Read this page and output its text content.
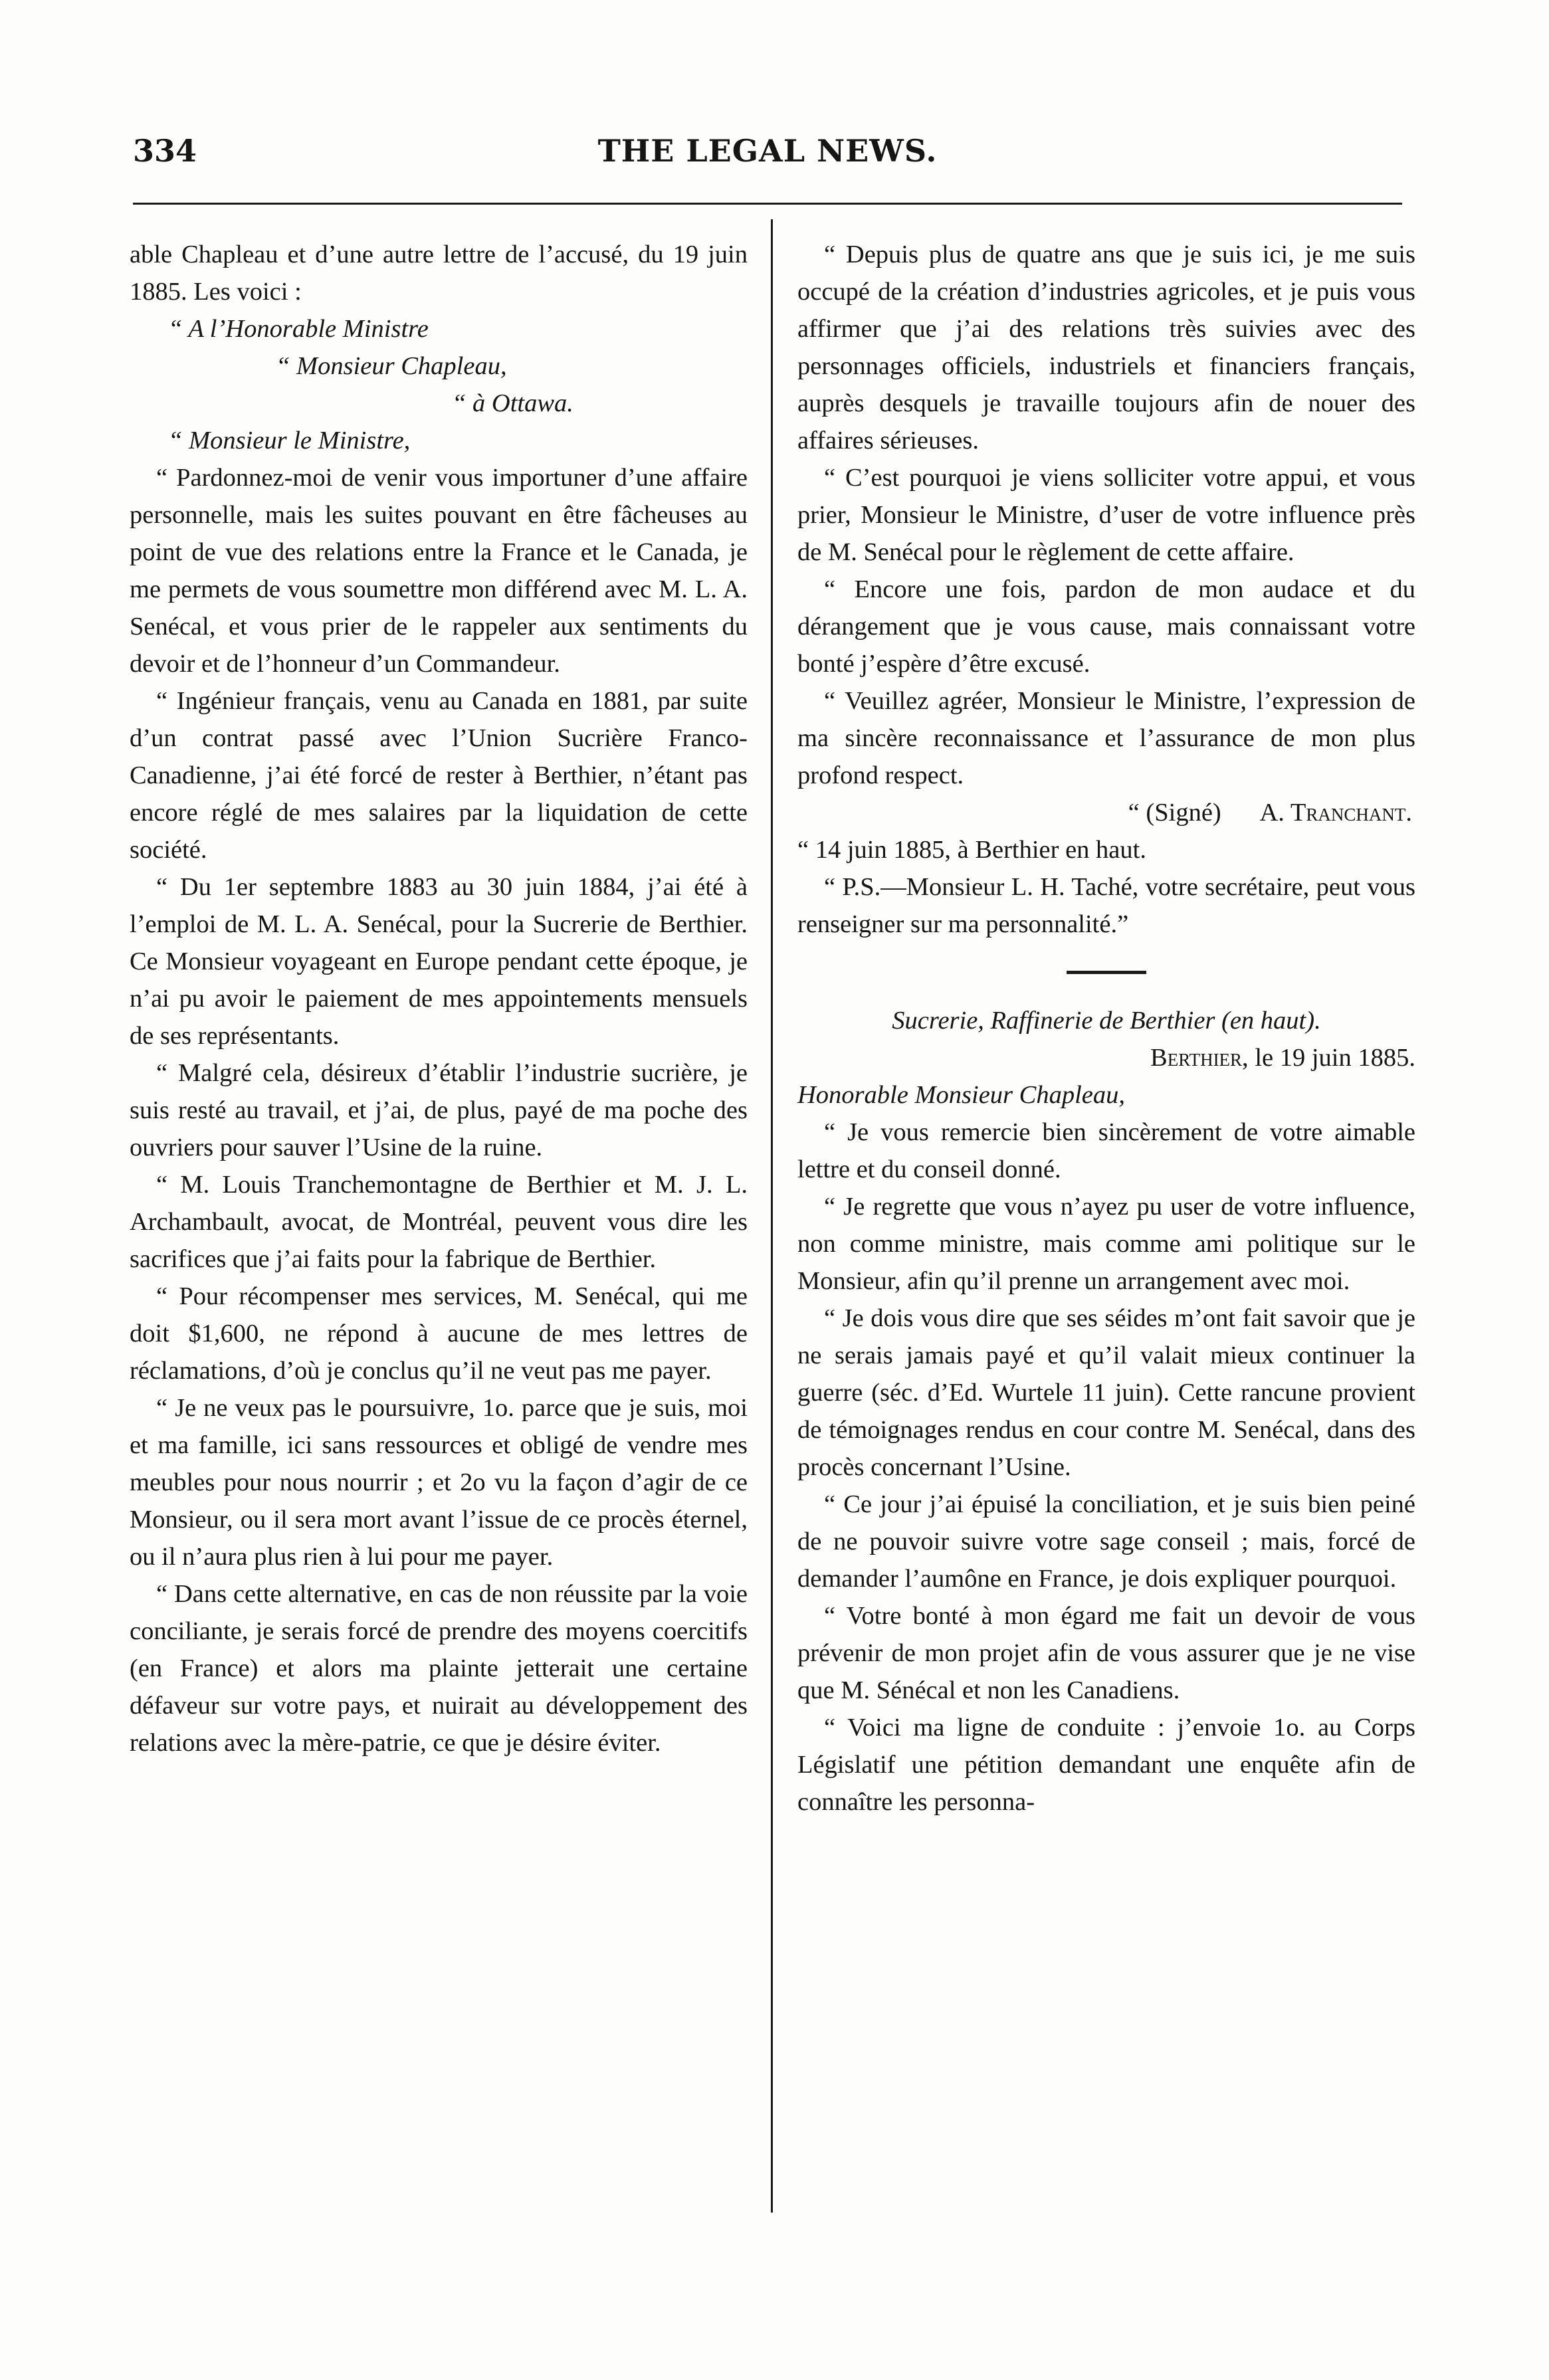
334	THE LEGAL NEWS.

able Chapleau et d’une autre lettre de l’accusé, du 19 juin 1885. Les voici :

“ A l’Honorable Ministre

“ Monsieur Chapleau,

“ à Ottawa.

“ Monsieur le Ministre,

“ Pardonnez-moi de venir vous importuner d’une affaire personnelle, mais les suites pouvant en être fâcheuses au point de vue des relations entre la France et le Canada, je me permets de vous soumettre mon différend avec M. L. A. Senécal, et vous prier de le rappeler aux sentiments du devoir et de l’honneur d’un Commandeur.

“ Ingénieur français, venu au Canada en 1881, par suite d’un contrat passé avec l’Union Sucrière Franco-Canadienne, j’ai été forcé de rester à Berthier, n’étant pas encore réglé de mes salaires par la liquidation de cette société.

“ Du 1er septembre 1883 au 30 juin 1884, j’ai été à l’emploi de M. L. A. Senécal, pour la Sucrerie de Berthier. Ce Monsieur voyageant en Europe pendant cette époque, je n’ai pu avoir le paiement de mes appointements mensuels de ses représentants.

“ Malgré cela, désireux d’établir l’industrie sucrière, je suis resté au travail, et j’ai, de plus, payé de ma poche des ouvriers pour sauver l’Usine de la ruine.

“ M. Louis Tranchemontagne de Berthier et M. J. L. Archambault, avocat, de Montréal, peuvent vous dire les sacrifices que j’ai faits pour la fabrique de Berthier.

“ Pour récompenser mes services, M. Senécal, qui me doit $1,600, ne répond à aucune de mes lettres de réclamations, d’où je conclus qu’il ne veut pas me payer.

“ Je ne veux pas le poursuivre, 1o. parce que je suis, moi et ma famille, ici sans ressources et obligé de vendre mes meubles pour nous nourrir ; et 2o vu la façon d’agir de ce Monsieur, ou il sera mort avant l’issue de ce procès éternel, ou il n’aura plus rien à lui pour me payer.

“ Dans cette alternative, en cas de non réussite par la voie conciliante, je serais forcé de prendre des moyens coercitifs (en France) et alors ma plainte jetterait une certaine défaveur sur votre pays, et nuirait au développement des relations avec la mère-patrie, ce que je désire éviter.

“ Depuis plus de quatre ans que je suis ici, je me suis occupé de la création d’industries agricoles, et je puis vous affirmer que j’ai des relations très suivies avec des personnages officiels, industriels et financiers français, auprès desquels je travaille toujours afin de nouer des affaires sérieuses.

“ C’est pourquoi je viens solliciter votre appui, et vous prier, Monsieur le Ministre, d’user de votre influence près de M. Senécal pour le règlement de cette affaire.

“ Encore une fois, pardon de mon audace et du dérangement que je vous cause, mais connaissant votre bonté j’espère d’être excusé.

“ Veuillez agréer, Monsieur le Ministre, l’expression de ma sincère reconnaissance et l’assurance de mon plus profond respect.

“ (Signé) A. Tranchant.

“ 14 juin 1885, à Berthier en haut.

“ P.S.—Monsieur L. H. Taché, votre secrétaire, peut vous renseigner sur ma personnalité.”

Sucrerie, Raffinerie de Berthier (en haut).

Berthier, le 19 juin 1885.

Honorable Monsieur Chapleau,

“ Je vous remercie bien sincèrement de votre aimable lettre et du conseil donné.

“ Je regrette que vous n’ayez pu user de votre influence, non comme ministre, mais comme ami politique sur le Monsieur, afin qu’il prenne un arrangement avec moi.

“ Je dois vous dire que ses séides m’ont fait savoir que je ne serais jamais payé et qu’il valait mieux continuer la guerre (séc. d’Ed. Wurtele 11 juin). Cette rancune provient de témoignages rendus en cour contre M. Senécal, dans des procès concernant l’Usine.

“ Ce jour j’ai épuisé la conciliation, et je suis bien peiné de ne pouvoir suivre votre sage conseil ; mais, forcé de demander l’aumône en France, je dois expliquer pourquoi.

“ Votre bonté à mon égard me fait un devoir de vous prévenir de mon projet afin de vous assurer que je ne vise que M. Sénécal et non les Canadiens.

“ Voici ma ligne de conduite : j’envoie 1o. au Corps Législatif une pétition demandant une enquête afin de connaître les personna-
